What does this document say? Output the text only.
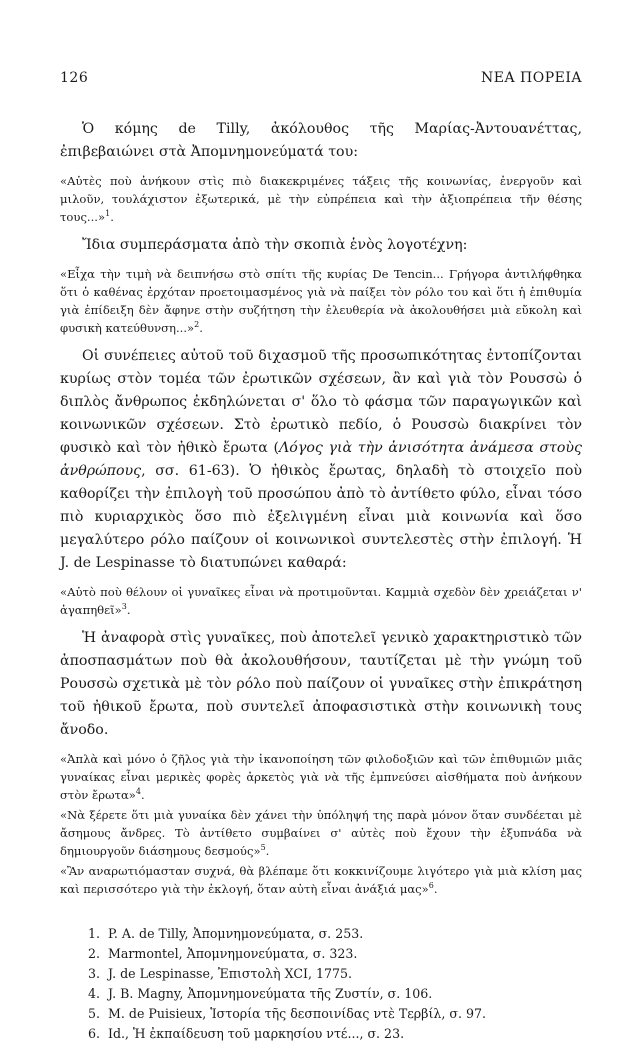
126	ΝΕΑ ΠΟΡΕΙΑ

Ὁ κόμης de Tilly, ἀκόλουθος τῆς Μαρίας-Ἀντουανέττας, ἐπιβεβαιώνει στὰ Ἀπομνημονεύματά του:

«Αὐτὲς ποὺ ἀνήκουν στὶς πιὸ διακεκριμένες τάξεις τῆς κοινωνίας, ἐνεργοῦν καὶ μιλοῦν, τουλάχιστον ἐξωτερικά, μὲ τὴν εὐπρέπεια καὶ τὴν ἀξιοπρέπεια τῆν θέσης τους...»$^1$.

Ἴδια συμπεράσματα ἀπὸ τὴν σκοπιὰ ἑνὸς λογοτέχνη:

«Εἶχα τὴν τιμὴ νὰ δειπνήσω στὸ σπίτι τῆς κυρίας De Tencin... Γρήγορα ἀντιλήφθηκα ὅτι ὁ καθένας ἐρχόταν προετοιμασμένος γιὰ νὰ παίξει τὸν ρόλο του καὶ ὅτι ἡ ἐπιθυμία γιὰ ἐπίδειξη δὲν ἄφηνε στὴν συζήτηση τὴν ἐλευθερία νὰ ἀκολουθήσει μιὰ εὔκολη καὶ φυσικὴ κατεύθυνση...»$^2$.

Οἱ συνέπειες αὐτοῦ τοῦ διχασμοῦ τῆς προσωπικότητας ἐντοπίζονται κυρίως στὸν τομέα τῶν ἐρωτικῶν σχέσεων, ἂν καὶ γιὰ τὸν Ρουσσὼ ὁ διπλὸς ἄνθρωπος ἐκδηλώνεται σ' ὅλο τὸ φάσμα τῶν παραγωγικῶν καὶ κοινωνικῶν σχέσεων. Στὸ ἐρωτικὸ πεδίο, ὁ Ρουσσὼ διακρίνει τὸν φυσικὸ καὶ τὸν ἠθικὸ ἔρωτα (Λόγος γιὰ τὴν ἀνισότητα ἀνάμεσα στοὺς ἀνθρώπους, σσ. 61-63). Ὁ ἠθικὸς ἔρωτας, δηλαδὴ τὸ στοιχεῖο ποὺ καθορίζει τὴν ἐπιλογὴ τοῦ προσώπου ἀπὸ τὸ ἀντίθετο φύλο, εἶναι τόσο πιὸ κυριαρχικὸς ὅσο πιὸ ἐξελιγμένη εἶναι μιὰ κοινωνία καὶ ὅσο μεγαλύτερο ρόλο παίζουν οἱ κοινωνικοὶ συντελεστὲς στὴν ἐπιλογή. Ἡ J. de Lespinasse τὸ διατυπώνει καθαρά:

«Αὐτὸ ποὺ θέλουν οἱ γυναῖκες εἶναι νὰ προτιμοῦνται. Καμμιὰ σχεδὸν δὲν χρειάζεται ν' ἀγαπηθεῖ»$^3$.

Ἡ ἀναφορὰ στὶς γυναῖκες, ποὺ ἀποτελεῖ γενικὸ χαρακτηριστικὸ τῶν ἀποσπασμάτων ποὺ θὰ ἀκολουθήσουν, ταυτίζεται μὲ τὴν γνώμη τοῦ Ρουσσὼ σχετικὰ μὲ τὸν ρόλο ποὺ παίζουν οἱ γυναῖκες στὴν ἐπικράτηση τοῦ ἠθικοῦ ἔρωτα, ποὺ συντελεῖ ἀποφασιστικὰ στὴν κοινωνικὴ τους ἄνοδο.

«Ἁπλὰ καὶ μόνο ὁ ζῆλος γιὰ τὴν ἱκανοποίηση τῶν φιλοδοξιῶν καὶ τῶν ἐπιθυμιῶν μιᾶς γυναίκας εἶναι μερικὲς φορὲς ἀρκετὸς γιὰ νὰ τῆς ἐμπνεύσει αἰσθήματα ποὺ ἀνήκουν στὸν ἔρωτα»$^4$.

«Νὰ ξέρετε ὅτι μιὰ γυναίκα δὲν χάνει τὴν ὑπόληψή της παρὰ μόνον ὅταν συνδέεται μὲ ἄσημους ἄνδρες. Τὸ ἀντίθετο συμβαίνει σ' αὐτὲς ποὺ ἔχουν τὴν ἐξυπνάδα νὰ δημιουργοῦν διάσημους δεσμούς»$^5$.

«Ἂν αναρωτιόμασταν συχνά, θὰ βλέπαμε ὅτι κοκκινίζουμε λιγότερο γιὰ μιὰ κλίση μας καὶ περισσότερο γιὰ τὴν ἐκλογή, ὅταν αὐτὴ εἶναι ἀνάξιά μας»$^6$.

1. P. A. de Tilly, Ἀπομνημονεύματα, σ. 253.
2. Marmontel, Ἀπομνημονεύματα, σ. 323.
3. J. de Lespinasse, Ἐπιστολὴ XCI, 1775.
4. J. B. Magny, Ἀπομνημονεύματα τῆς Ζυστίν, σ. 106.
5. M. de Puisieux, Ἱστορία τῆς δεσποινίδας ντὲ Τερβίλ, σ. 97.
6. Id., Ἡ ἐκπαίδευση τοῦ μαρκησίου ντέ..., σ. 23.
